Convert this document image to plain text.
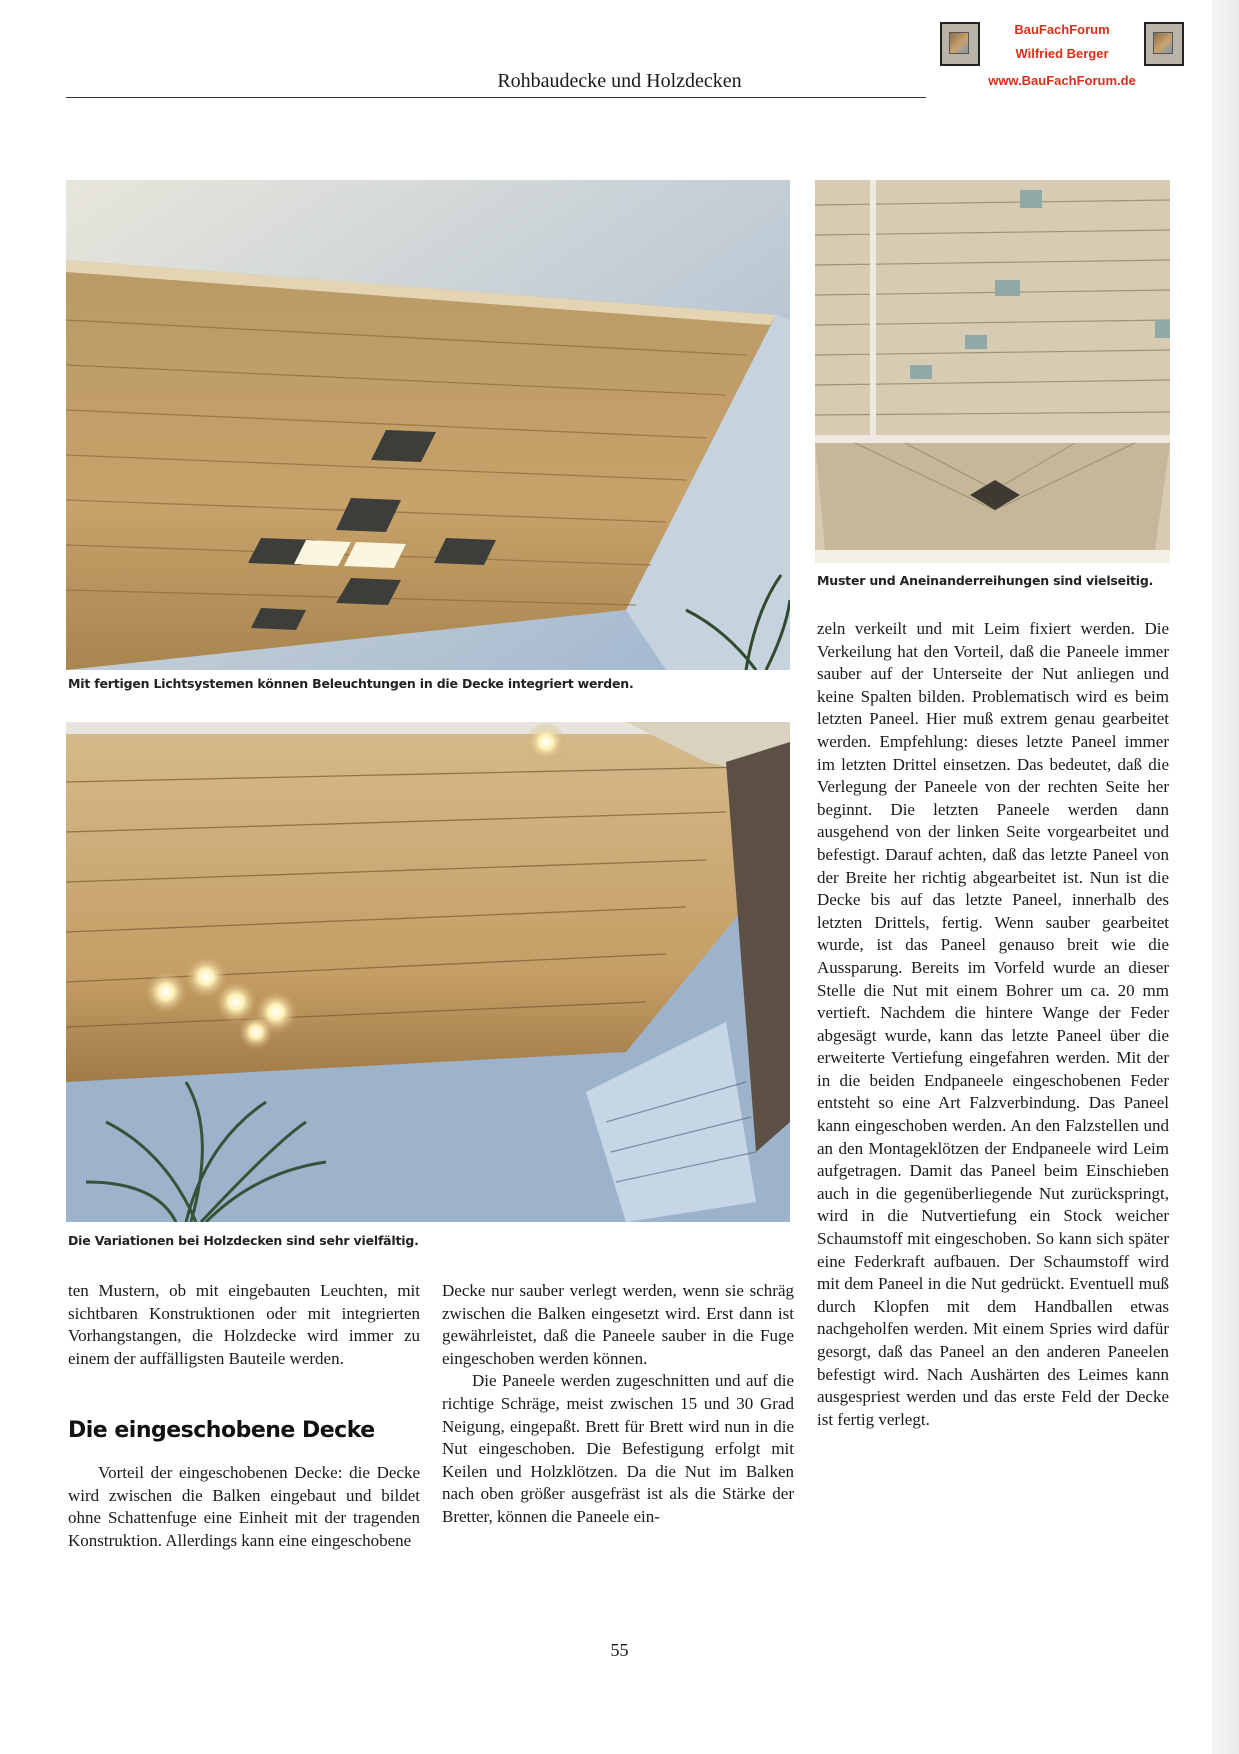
Rohbaudecke und Holzdecken
BauFachForum
Wilfried Berger
www.BauFachForum.de
Mit fertigen Lichtsystemen können Beleuchtungen in die Decke integriert werden.
Muster und Aneinanderreihungen sind vielseitig.
Die Variationen bei Holzdecken sind sehr vielfältig.

ten Mustern, ob mit eingebauten Leuchten, mit sichtbaren Konstruktionen oder mit integrierten Vorhangstangen, die Holzdecke wird immer zu einem der auffälligsten Bauteile werden.

Die eingeschobene Decke

Vorteil der eingeschobenen Decke: die Decke wird zwischen die Balken eingebaut und bildet ohne Schattenfuge eine Einheit mit der tragenden Konstruktion. Allerdings kann eine eingeschobene

Decke nur sauber verlegt werden, wenn sie schräg zwischen die Balken eingesetzt wird. Erst dann ist gewährleistet, daß die Paneele sauber in die Fuge eingeschoben werden können.

Die Paneele werden zugeschnitten und auf die richtige Schräge, meist zwischen 15 und 30 Grad Neigung, eingepaßt. Brett für Brett wird nun in die Nut eingeschoben. Die Befestigung erfolgt mit Keilen und Holzklötzen. Da die Nut im Balken nach oben größer ausgefräst ist als die Stärke der Bretter, können die Paneele ein-

zeln verkeilt und mit Leim fixiert werden. Die Verkeilung hat den Vorteil, daß die Paneele immer sauber auf der Unterseite der Nut anliegen und keine Spalten bilden. Problematisch wird es beim letzten Paneel. Hier muß extrem genau gearbeitet werden. Empfehlung: dieses letzte Paneel immer im letzten Drittel einsetzen. Das bedeutet, daß die Verlegung der Paneele von der rechten Seite her beginnt. Die letzten Paneele werden dann ausgehend von der linken Seite vorgearbeitet und befestigt. Darauf achten, daß das letzte Paneel von der Breite her richtig abgearbeitet ist. Nun ist die Decke bis auf das letzte Paneel, innerhalb des letzten Drittels, fertig. Wenn sauber gearbeitet wurde, ist das Paneel genauso breit wie die Aussparung. Bereits im Vorfeld wurde an dieser Stelle die Nut mit einem Bohrer um ca. 20 mm vertieft. Nachdem die hintere Wange der Feder abgesägt wurde, kann das letzte Paneel über die erweiterte Vertiefung eingefahren werden. Mit der in die beiden Endpaneele eingeschobenen Feder entsteht so eine Art Falzverbindung. Das Paneel kann eingeschoben werden. An den Falzstellen und an den Montageklötzen der Endpaneele wird Leim aufgetragen. Damit das Paneel beim Einschieben auch in die gegenüberliegende Nut zurückspringt, wird in die Nutvertiefung ein Stock weicher Schaumstoff mit eingeschoben. So kann sich später eine Federkraft aufbauen. Der Schaumstoff wird mit dem Paneel in die Nut gedrückt. Eventuell muß durch Klopfen mit dem Handballen etwas nachgeholfen werden. Mit einem Spries wird dafür gesorgt, daß das Paneel an den anderen Paneelen befestigt wird. Nach Aushärten des Leimes kann ausgespriest werden und das erste Feld der Decke ist fertig verlegt.

55
